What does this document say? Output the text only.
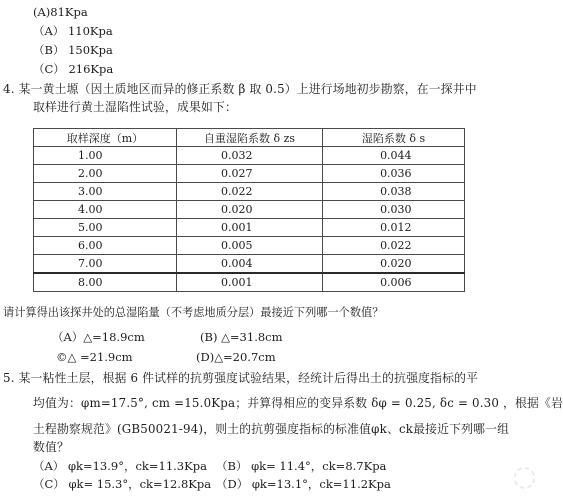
(A)81Kpa
（A） 110Kpa
（B） 150Kpa
（C） 216Kpa
4. 某一黄土塬（因土质地区而异的修正系数 β 取 0.5）上进行场地初步勘察，在一探井中
取样进行黄土湿陷性试验，成果如下：
取样深度（m）	自重湿陷系数 δ zs	湿陷系数 δ s
1.00	0.032	0.044
2.00	0.027	0.036
3.00	0.022	0.038
4.00	0.020	0.030
5.00	0.001	0.012
6.00	0.005	0.022
7.00	0.004	0.020
8.00	0.001	0.006
请计算得出该探井处的总湿陷量（不考虑地质分层）最接近下列哪一个数值？
（A）△=18.9cm	(B) △=31.8cm
©△ =21.9cm	(D)△=20.7cm
5. 某一粘性土层，根据 6 件试样的抗剪强度试验结果，经统计后得出土的抗强度指标的平
均值为：φm=17.5°, cm =15.0Kpa；并算得相应的变异系数 δφ = 0.25, δc = 0.30 ，根据《岩
土程勘察规范》(GB50021-94)，则土的抗剪强度指标的标准值φk、ck最接近下列哪一组
数值？
（A） φk=13.9°，ck=11.3Kpa （B） φk= 11.4°，ck=8.7Kpa
（C） φk= 15.3°，ck=12.8Kpa （D） φk=13.1°，ck=11.2Kpa	◌
